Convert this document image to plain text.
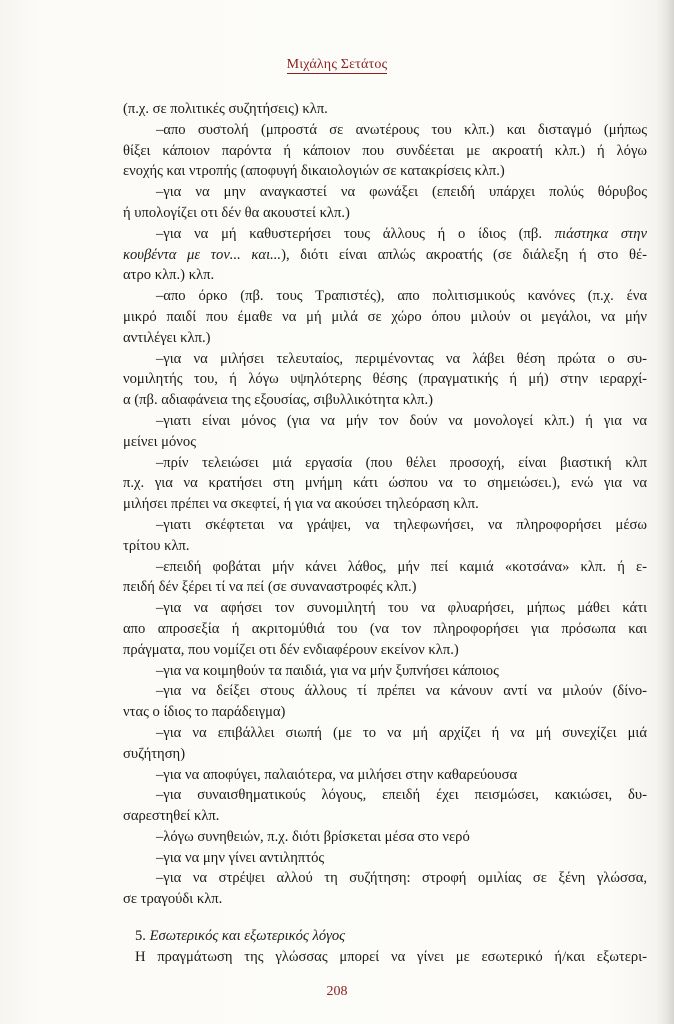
Μιχάλης Σετάτος
(π.χ. σε πολιτικές συζητήσεις) κλπ.
–απο συστολή (μπροστά σε ανωτέρους του κλπ.) και δισταγμό (μήπως
θίξει κάποιον παρόντα ή κάποιον που συνδέεται με ακροατή κλπ.) ή λόγω
ενοχής και ντροπής (αποφυγή δικαιολογιών σε κατακρίσεις κλπ.)
–για να μην αναγκαστεί να φωνάξει (επειδή υπάρχει πολύς θόρυβος
ή υπολογίζει οτι δέν θα ακουστεί κλπ.)
–για να μή καθυστερήσει τους άλλους ή ο ίδιος (πβ. πιάστηκα στην
κουβέντα με τον... και...), διότι είναι απλώς ακροατής (σε διάλεξη ή στο θέ-
ατρο κλπ.) κλπ.
–απο όρκο (πβ. τους Τραπιστές), απο πολιτισμικούς κανόνες (π.χ. ένα
μικρό παιδί που έμαθε να μή μιλά σε χώρο όπου μιλούν οι μεγάλοι, να μήν
αντιλέγει κλπ.)
–για να μιλήσει τελευταίος, περιμένοντας να λάβει θέση πρώτα ο συ-
νομιλητής του, ή λόγω υψηλότερης θέσης (πραγματικής ή μή) στην ιεραρχί-
α (πβ. αδιαφάνεια της εξουσίας, σιβυλλικότητα κλπ.)
–γιατι είναι μόνος (για να μήν τον δούν να μονολογεί κλπ.) ή για να
μείνει μόνος
–πρίν τελειώσει μιά εργασία (που θέλει προσοχή, είναι βιαστική κλπ
π.χ. για να κρατήσει στη μνήμη κάτι ώσπου να το σημειώσει.), ενώ για να
μιλήσει πρέπει να σκεφτεί, ή για να ακούσει τηλεόραση κλπ.
–γιατι σκέφτεται να γράψει, να τηλεφωνήσει, να πληροφορήσει μέσω
τρίτου κλπ.
–επειδή φοβάται μήν κάνει λάθος, μήν πεί καμιά «κοτσάνα» κλπ. ή ε-
πειδή δέν ξέρει τί να πεί (σε συναναστροφές κλπ.)
–για να αφήσει τον συνομιλητή του να φλυαρήσει, μήπως μάθει κάτι
απο απροσεξία ή ακριτομύθιά του (να τον πληροφορήσει για πρόσωπα και
πράγματα, που νομίζει οτι δέν ενδιαφέρουν εκείνον κλπ.)
–για να κοιμηθούν τα παιδιά, για να μήν ξυπνήσει κάποιος
–για να δείξει στους άλλους τί πρέπει να κάνουν αντί να μιλούν (δίνο-
ντας ο ίδιος το παράδειγμα)
–για να επιβάλλει σιωπή (με το να μή αρχίζει ή να μή συνεχίζει μιά
συζήτηση)
–για να αποφύγει, παλαιότερα, να μιλήσει στην καθαρεύουσα
–για συναισθηματικούς λόγους, επειδή έχει πεισμώσει, κακιώσει, δυ-
σαρεστηθεί κλπ.
–λόγω συνηθειών, π.χ. διότι βρίσκεται μέσα στο νερό
–για να μην γίνει αντιληπτός
–για να στρέψει αλλού τη συζήτηση: στροφή ομιλίας σε ξένη γλώσσα,
σε τραγούδι κλπ.
5. Εσωτερικός και εξωτερικός λόγος
Η πραγμάτωση της γλώσσας μπορεί να γίνει με εσωτερικό ή/και εξωτερι-
208
